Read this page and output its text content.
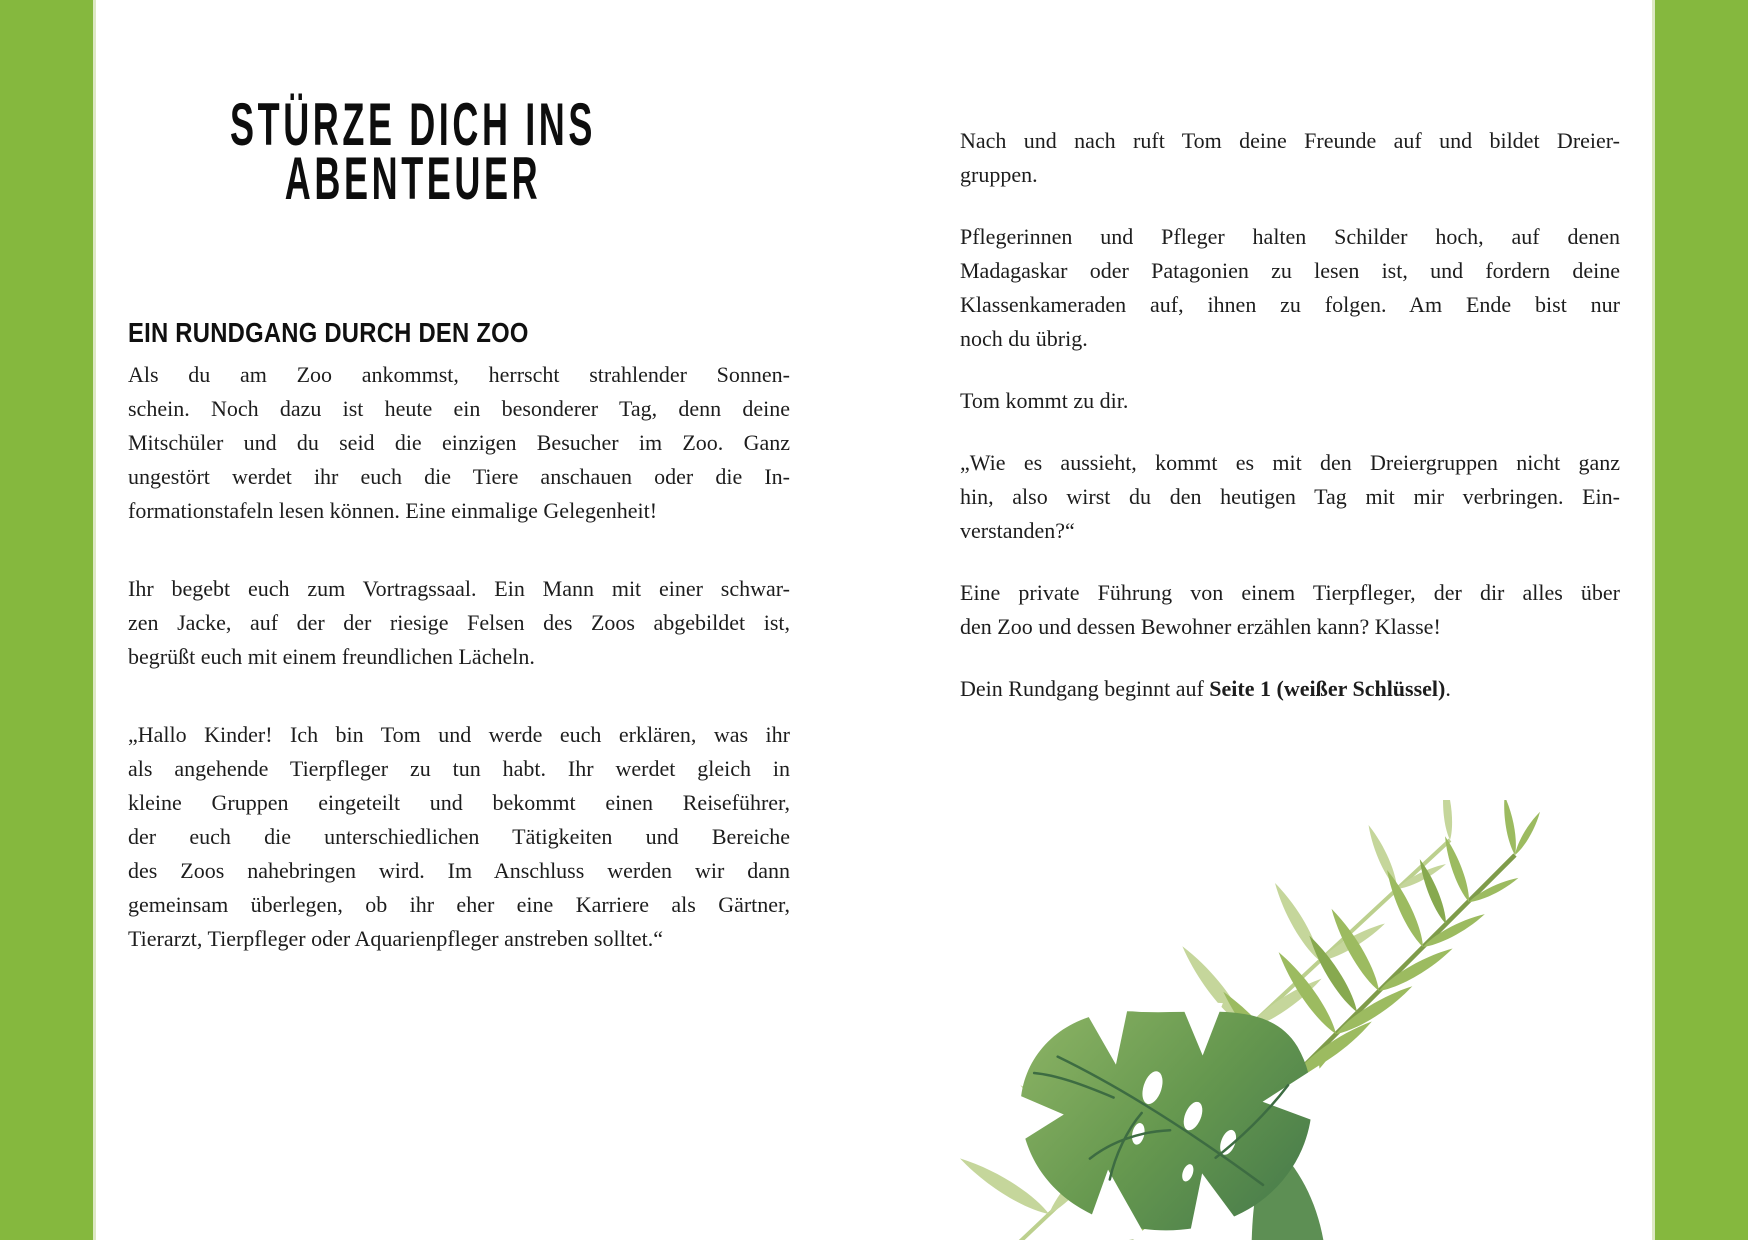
STÜRZE DICH INS
ABENTEUER
EIN RUNDGANG DURCH DEN ZOO
Als du am Zoo ankommst, herrscht strahlender Sonnen-
schein. Noch dazu ist heute ein besonderer Tag, denn deine
Mitschüler und du seid die einzigen Besucher im Zoo. Ganz
ungestört werdet ihr euch die Tiere anschauen oder die In-
formationstafeln lesen können. Eine einmalige Gelegenheit!
Ihr begebt euch zum Vortragssaal. Ein Mann mit einer schwar-
zen Jacke, auf der der riesige Felsen des Zoos abgebildet ist,
begrüßt euch mit einem freundlichen Lächeln.
„Hallo Kinder! Ich bin Tom und werde euch erklären, was ihr
als angehende Tierpfleger zu tun habt. Ihr werdet gleich in
kleine Gruppen eingeteilt und bekommt einen Reiseführer,
der euch die unterschiedlichen Tätigkeiten und Bereiche
des Zoos nahebringen wird. Im Anschluss werden wir dann
gemeinsam überlegen, ob ihr eher eine Karriere als Gärtner,
Tierarzt, Tierpfleger oder Aquarienpfleger anstreben solltet.“
Nach und nach ruft Tom deine Freunde auf und bildet Dreier-
gruppen.
Pflegerinnen und Pfleger halten Schilder hoch, auf denen
Madagaskar oder Patagonien zu lesen ist, und fordern deine
Klassenkameraden auf, ihnen zu folgen. Am Ende bist nur
noch du übrig.
Tom kommt zu dir.
„Wie es aussieht, kommt es mit den Dreiergruppen nicht ganz
hin, also wirst du den heutigen Tag mit mir verbringen. Ein-
verstanden?“
Eine private Führung von einem Tierpfleger, der dir alles über
den Zoo und dessen Bewohner erzählen kann? Klasse!
Dein Rundgang beginnt auf Seite 1 (weißer Schlüssel).
